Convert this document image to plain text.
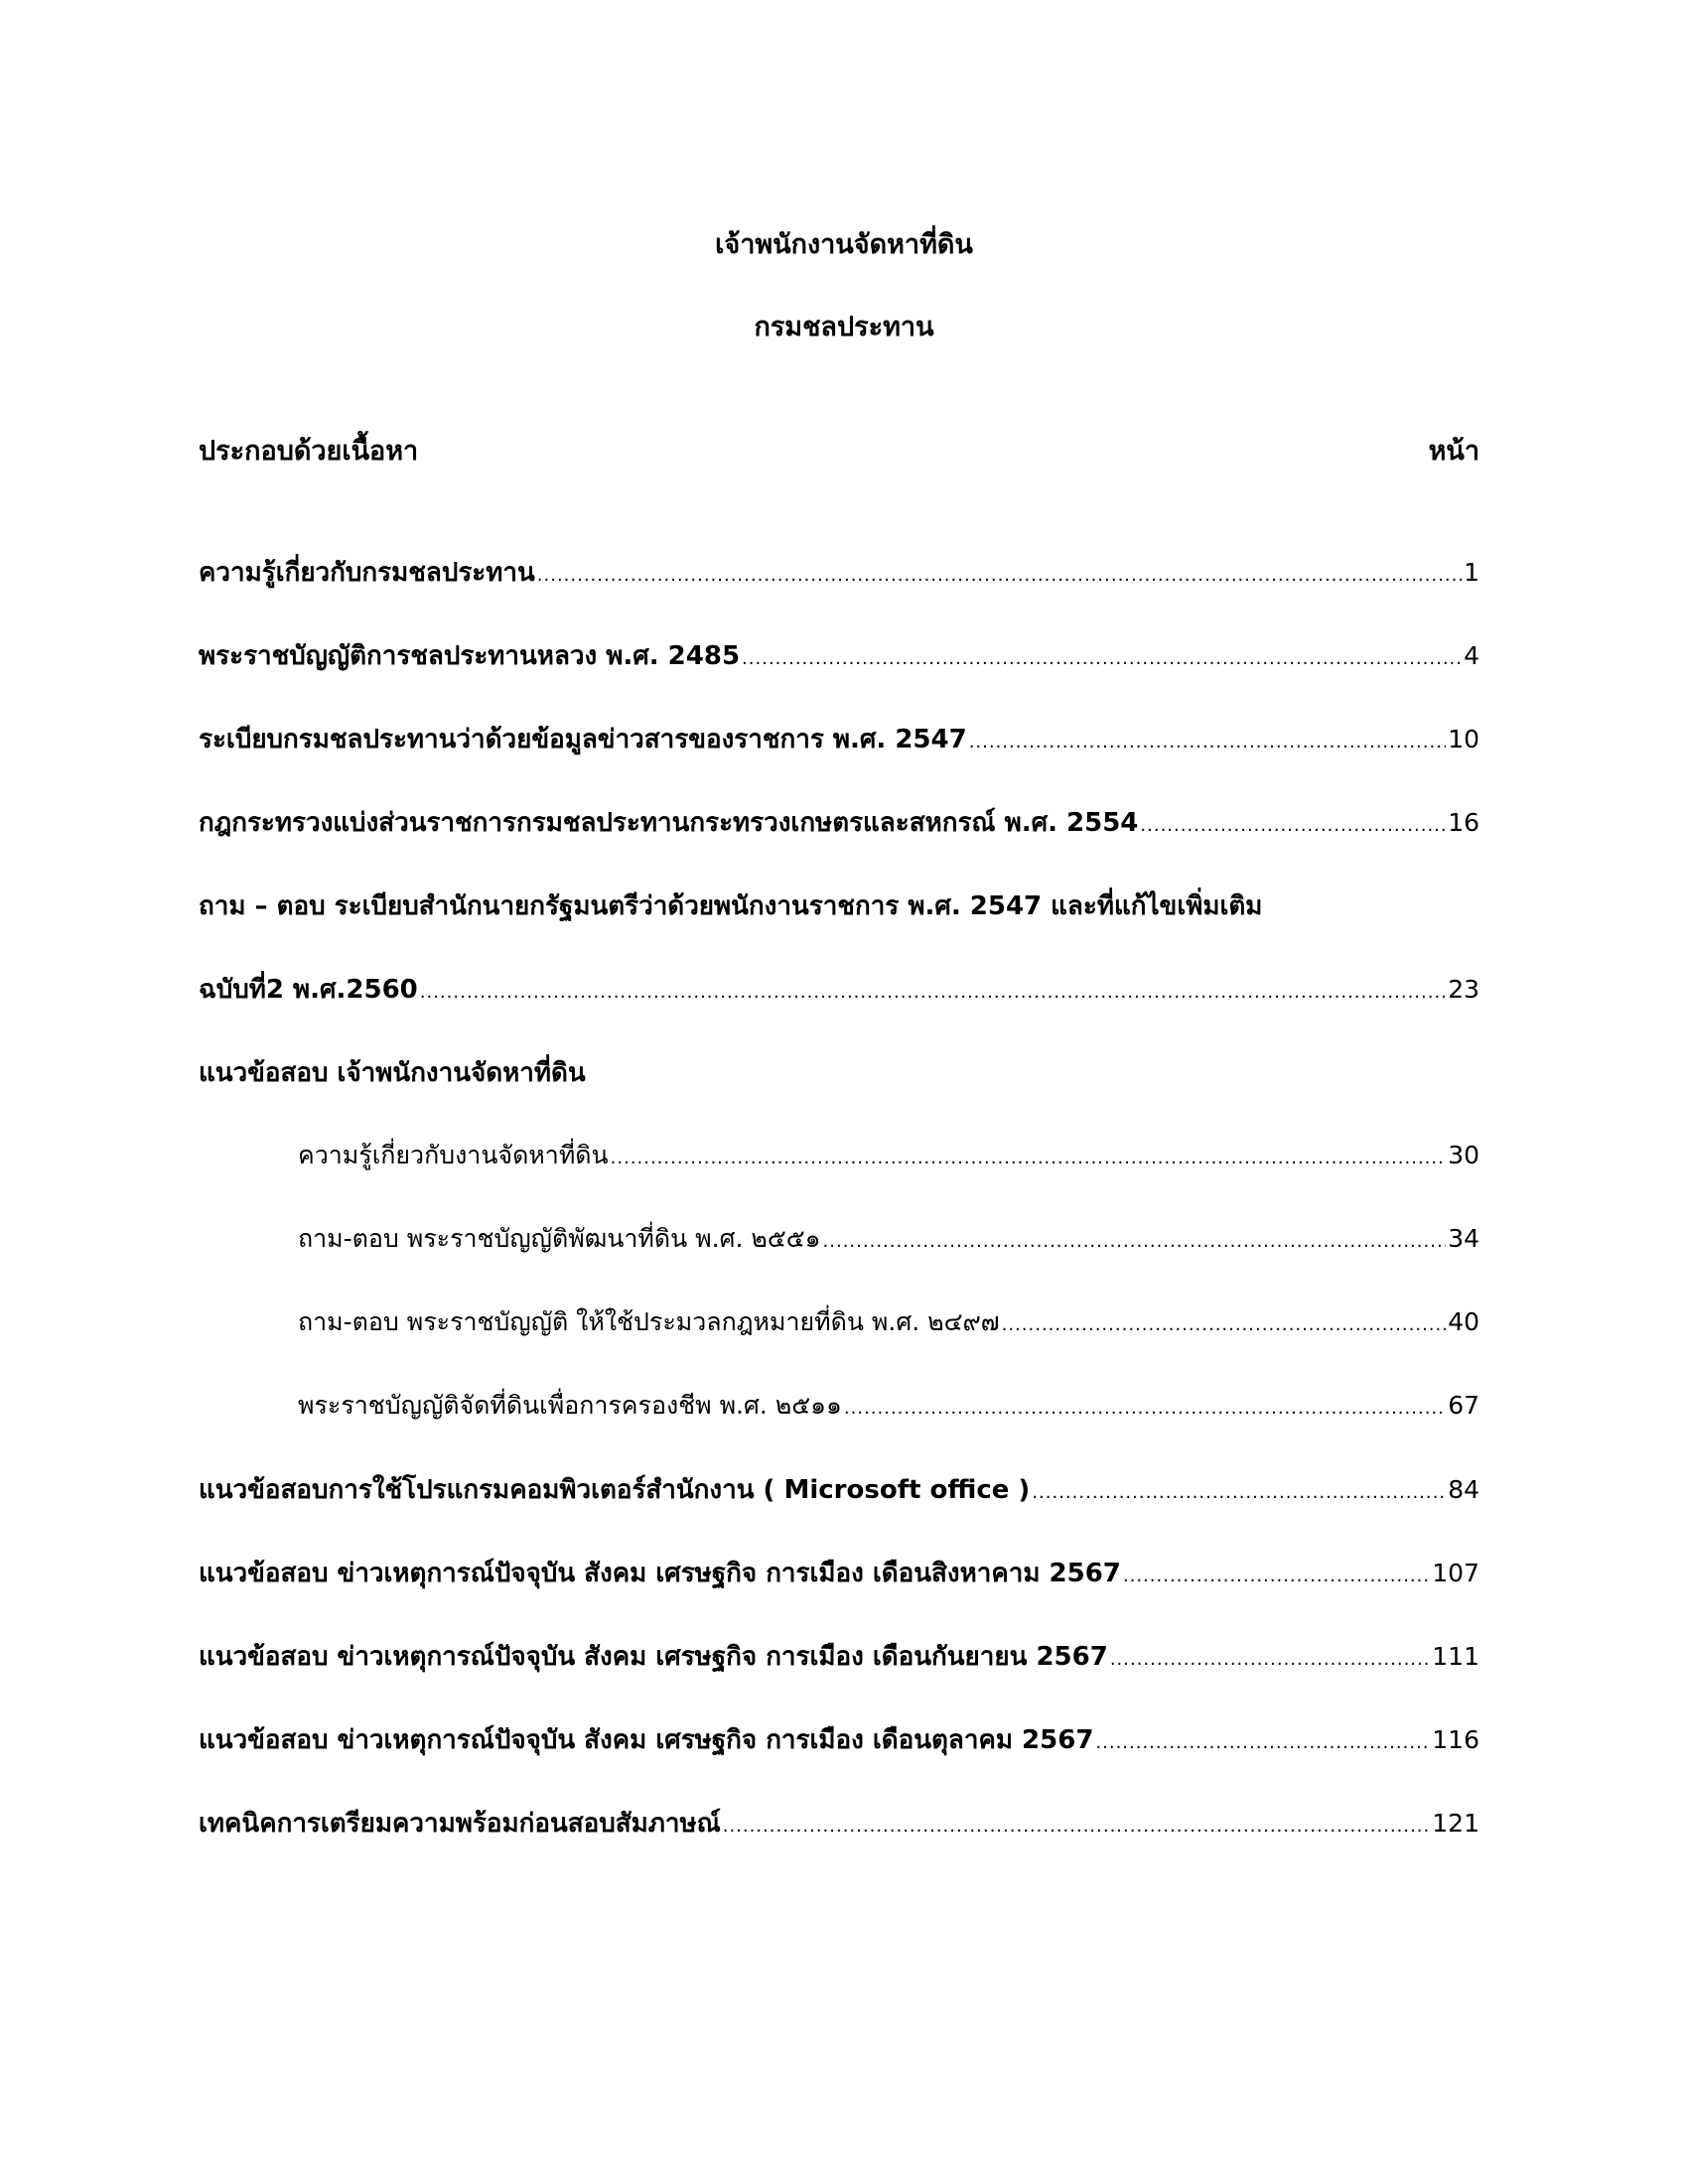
เจ้าพนักงานจัดหาที่ดิน
กรมชลประทาน
ประกอบด้วยเนื้อหา	หน้า
ความรู้เกี่ยวกับกรมชลประทาน .....	1
พระราชบัญญัติการชลประทานหลวง พ.ศ. 2485 .....	4
ระเบียบกรมชลประทานว่าด้วยข้อมูลข่าวสารของราชการ พ.ศ. 2547 .....	10
กฎกระทรวงแบ่งส่วนราชการกรมชลประทานกระทรวงเกษตรและสหกรณ์ พ.ศ. 2554 .....	16
ถาม – ตอบ ระเบียบสำนักนายกรัฐมนตรีว่าด้วยพนักงานราชการ พ.ศ. 2547 และที่แก้ไขเพิ่มเติม
ฉบับที่2 พ.ศ.2560 .....	23
แนวข้อสอบ เจ้าพนักงานจัดหาที่ดิน
ความรู้เกี่ยวกับงานจัดหาที่ดิน .....	30
ถาม-ตอบ พระราชบัญญัติพัฒนาที่ดิน พ.ศ. ๒๕๕๑ .....	34
ถาม-ตอบ พระราชบัญญัติ ให้ใช้ประมวลกฎหมายที่ดิน พ.ศ. ๒๔๙๗ .....	40
พระราชบัญญัติจัดที่ดินเพื่อการครองชีพ พ.ศ. ๒๕๑๑ .....	67
แนวข้อสอบการใช้โปรแกรมคอมพิวเตอร์สำนักงาน ( Microsoft office ) .....	84
แนวข้อสอบ ข่าวเหตุการณ์ปัจจุบัน สังคม เศรษฐกิจ การเมือง เดือนสิงหาคาม 2567 .....	107
แนวข้อสอบ ข่าวเหตุการณ์ปัจจุบัน สังคม เศรษฐกิจ การเมือง เดือนกันยายน 2567 .....	111
แนวข้อสอบ ข่าวเหตุการณ์ปัจจุบัน สังคม เศรษฐกิจ การเมือง เดือนตุลาคม 2567 .....	116
เทคนิคการเตรียมความพร้อมก่อนสอบสัมภาษณ์ .....	121
